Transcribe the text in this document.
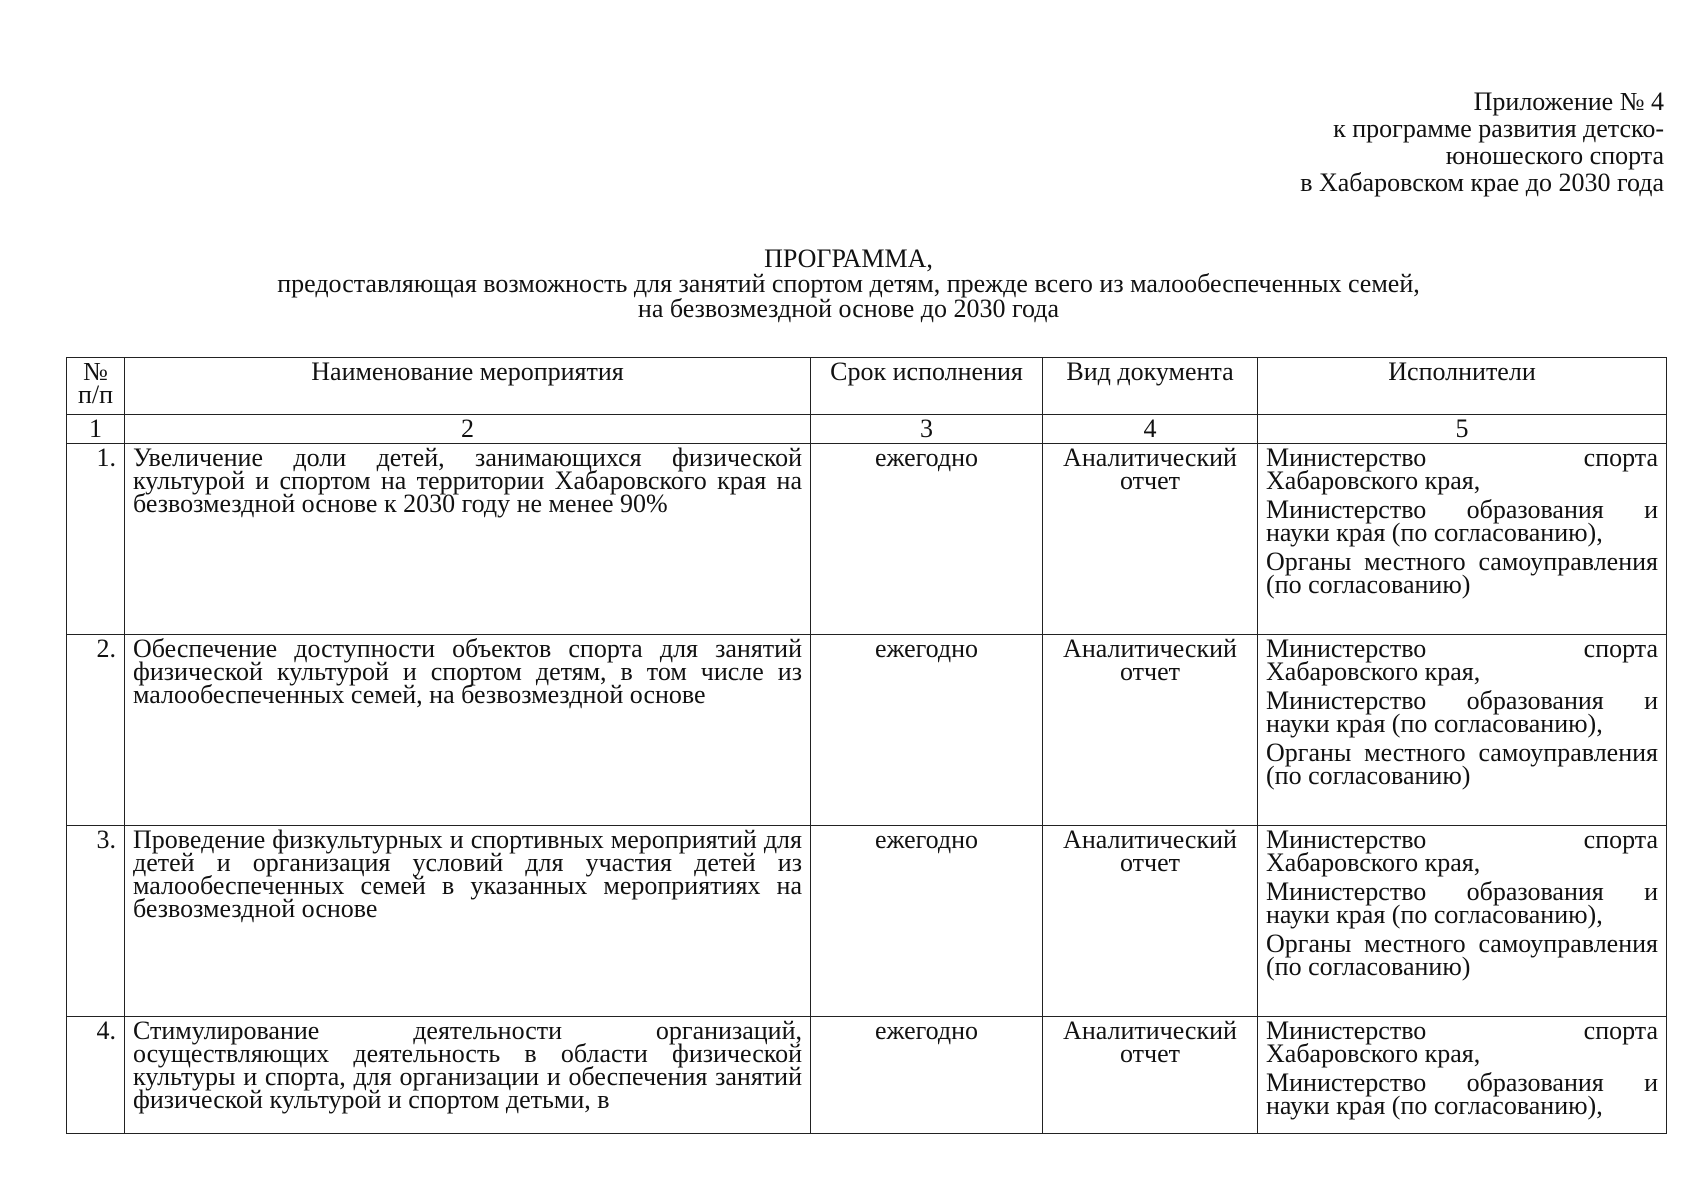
Приложение № 4
к программе развития детско-
юношеского спорта
в Хабаровском крае до 2030 года
ПРОГРАММА,
предоставляющая возможность для занятий спортом детям, прежде всего из малообеспеченных семей,
на безвозмездной основе до 2030 года
№ п/п	Наименование мероприятия	Срок исполнения	Вид документа	Исполнители
1	2	3	4	5
1.	Увеличение доли детей, занимающихся физической культурой и спортом на территории Хабаровского края на безвозмездной основе к 2030 году не менее 90%	ежегодно	Аналитический отчет	Министерство спорта Хабаровского края,
Министерство образования и науки края (по согласованию),
Органы местного самоуправления (по согласованию)

2.	Обеспечение доступности объектов спорта для занятий физической культурой и спортом детям, в том числе из малообеспеченных семей, на безвозмездной основе	ежегодно	Аналитический отчет	Министерство спорта Хабаровского края,
Министерство образования и науки края (по согласованию),
Органы местного самоуправления (по согласованию)

3.	Проведение физкультурных и спортивных мероприятий для детей и организация условий для участия детей из малообеспеченных семей в указанных мероприятиях на безвозмездной основе	ежегодно	Аналитический отчет	Министерство спорта Хабаровского края,
Министерство образования и науки края (по согласованию),
Органы местного самоуправления (по согласованию)

4.	Стимулирование деятельности организаций, осуществляющих деятельность в области физической культуры и спорта, для организации и обеспечения занятий физической культурой и спортом детьми, в	ежегодно	Аналитический отчет	Министерство спорта Хабаровского края,
Министерство образования и науки края (по согласованию),
